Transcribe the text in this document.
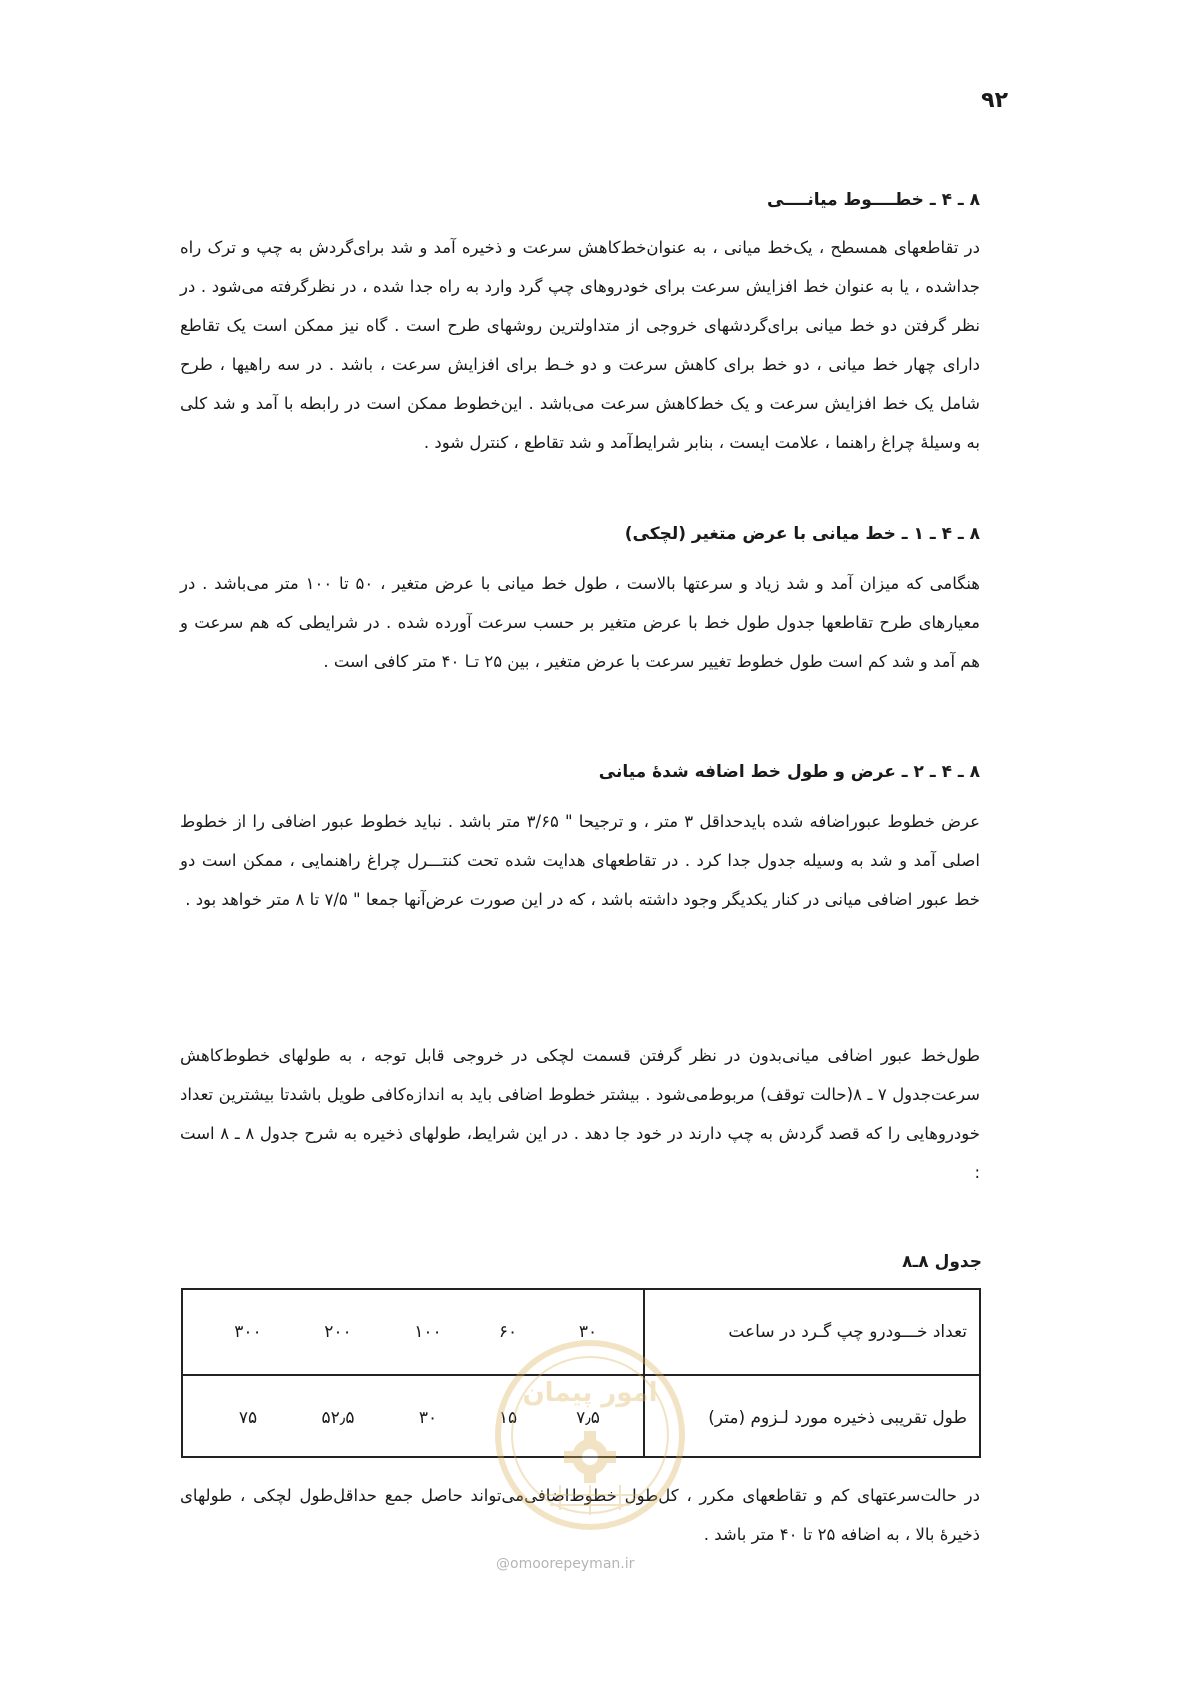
۹۲
۸ ـ ۴ ـ خطــــوط میانــــی

در تقاطعهای همسطح ، یک‌خط میانی ، به عنوان‌خط‌کاهش سرعت و ذخیره آمد و شد برای‌گردش به چپ و ترک راه جداشده ، یا به عنوان خط افزایش سرعت برای خودروهای چپ گرد وارد به راه جدا شده ، در نظرگرفته می‌شود . در نظر گرفتن دو خط میانی برای‌گردشهای خروجی از متداولترین روشهای طرح است . گاه نیز ممکن است یک تقاطع دارای چهار خط میانی ، دو خط برای کاهش سرعت و دو خـط برای افزایش سرعت ، باشد . در سه راهیها ، طرح شامل یک خط افزایش سرعت و یک خط‌کاهش سرعت می‌باشد . این‌خطوط ممکن است در رابطه با آمد و شد کلی به وسیله‌ٔ چراغ راهنما ، علامت ایست ، بنابر شرایط‌آمد و شد تقاطع ، کنترل شود .

۸ ـ ۴ ـ ۱ ـ خط میانی با عرض متغیر (لچکی)

هنگامی که میزان آمد و شد زیاد و سرعتها بالاست ، طول خط میانی با عرض متغیر ، ۵۰ تا ۱۰۰ متر می‌باشد . در معیارهای طرح تقاطعها جدول طول خط با عرض متغیر بر حسب سرعت آورده شده . در شرایطی که هم سرعت و هم آمد و شد کم است طول خطوط تغییر سرعت با عرض متغیر ، بین ۲۵ تـا ۴۰ متر کافی است .

۸ ـ ۴ ـ ۲ ـ عرض و طول خط اضافه شده‌ٔ میانی

عرض خطوط عبوراضافه شده باید‌حداقل ۳ متر ، و ترجیحا " ۳/۶۵ متر باشد . نباید خطوط عبور اضافی را از خطوط اصلی آمد و شد به وسیله جدول جدا کرد . در تقاطعهای هدایت شده تحت کنتـــرل چراغ راهنمایی ، ممکن است دو خط عبور اضافی میانی در کنار یکدیگر وجود داشته باشد ، که در این صورت عرض‌آنها جمعا " ۷/۵ تا ۸ متر خواهد بود .

طول‌خط عبور اضافی میانی‌بدون در نظر گرفتن قسمت لچکی در خروجی قابل توجه ، به طولهای خطوط‌کاهش سرعت‌جدول ۷ ـ ۸(حالت توقف) مربوط‌می‌شود . بیشتر خطوط اضافی باید به اندازه‌کافی طویل باشدتا بیشترین تعداد خودروهایی را که قصد گردش به چپ دارند در خود جا دهد . در این شرایط، طولهای ذخیره به شرح جدول ۸ ـ ۸ است :

جدول ۸ـ۸
تعداد خـــودرو چپ گـرد در ساعت
۳۰
۶۰
۱۰۰
۲۰۰
۳۰۰
طول تقریبی ذخیره مورد لـزوم (متر)
۷٫۵
۱۵
۳۰
۵۲٫۵
۷۵

در حالت‌سرعتهای کم و تقاطعهای مکرر ، کل‌طول خطوط‌اضافی‌می‌تواند حاصل جمع حداقل‌طول لچکی ، طولهای ذخیره‌ٔ بالا ، به اضافه ۲۵ تا ۴۰ متر باشد .

امور پیمان
@omoorepeyman.ir
